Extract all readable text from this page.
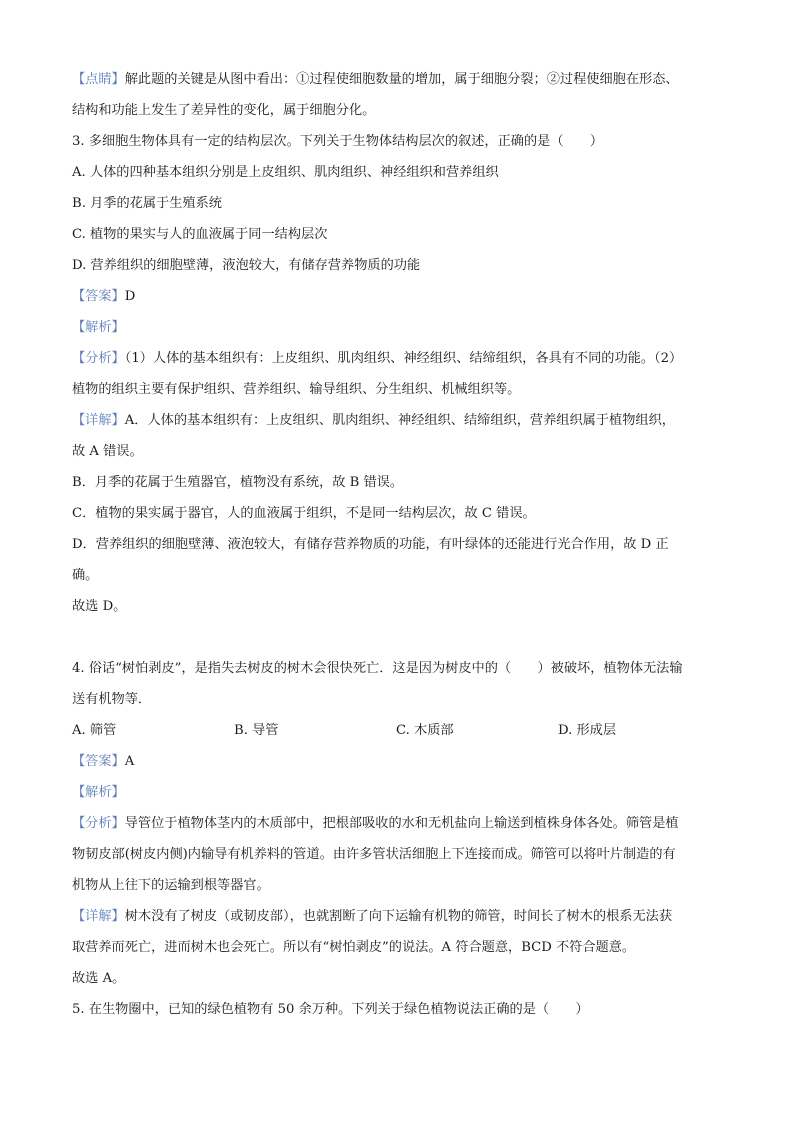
【点睛】解此题的关键是从图中看出：①过程使细胞数量的增加，属于细胞分裂；②过程使细胞在形态、
结构和功能上发生了差异性的变化，属于细胞分化。
3. 多细胞生物体具有一定的结构层次。下列关于生物体结构层次的叙述，正确的是（　　）
A. 人体的四种基本组织分别是上皮组织、肌肉组织、神经组织和营养组织
B. 月季的花属于生殖系统
C. 植物的果实与人的血液属于同一结构层次
D. 营养组织的细胞壁薄，液泡较大，有储存营养物质的功能
【答案】D
【解析】
【分析】（1）人体的基本组织有：上皮组织、肌肉组织、神经组织、结缔组织，各具有不同的功能。（2）
植物的组织主要有保护组织、营养组织、输导组织、分生组织、机械组织等。
【详解】A．人体的基本组织有：上皮组织、肌肉组织、神经组织、结缔组织，营养组织属于植物组织，
故 A 错误。
B．月季的花属于生殖器官，植物没有系统，故 B 错误。
C．植物的果实属于器官，人的血液属于组织，不是同一结构层次，故 C 错误。
D．营养组织的细胞壁薄、液泡较大，有储存营养物质的功能，有叶绿体的还能进行光合作用，故 D 正
确。
故选 D。
4. 俗话“树怕剥皮”，是指失去树皮的树木会很快死亡．这是因为树皮中的（　　）被破坏，植物体无法输
送有机物等．
A. 筛管	B. 导管	C. 木质部	D. 形成层
【答案】A
【解析】
【分析】导管位于植物体茎内的木质部中，把根部吸收的水和无机盐向上输送到植株身体各处。筛管是植
物韧皮部(树皮内侧)内输导有机养料的管道。由许多管状活细胞上下连接而成。筛管可以将叶片制造的有
机物从上往下的运输到根等器官。
【详解】树木没有了树皮（或韧皮部），也就割断了向下运输有机物的筛管，时间长了树木的根系无法获
取营养而死亡，进而树木也会死亡。所以有“树怕剥皮”的说法。A 符合题意，BCD 不符合题意。
故选 A。
5. 在生物圈中，已知的绿色植物有 50 余万种。下列关于绿色植物说法正确的是（　　）
